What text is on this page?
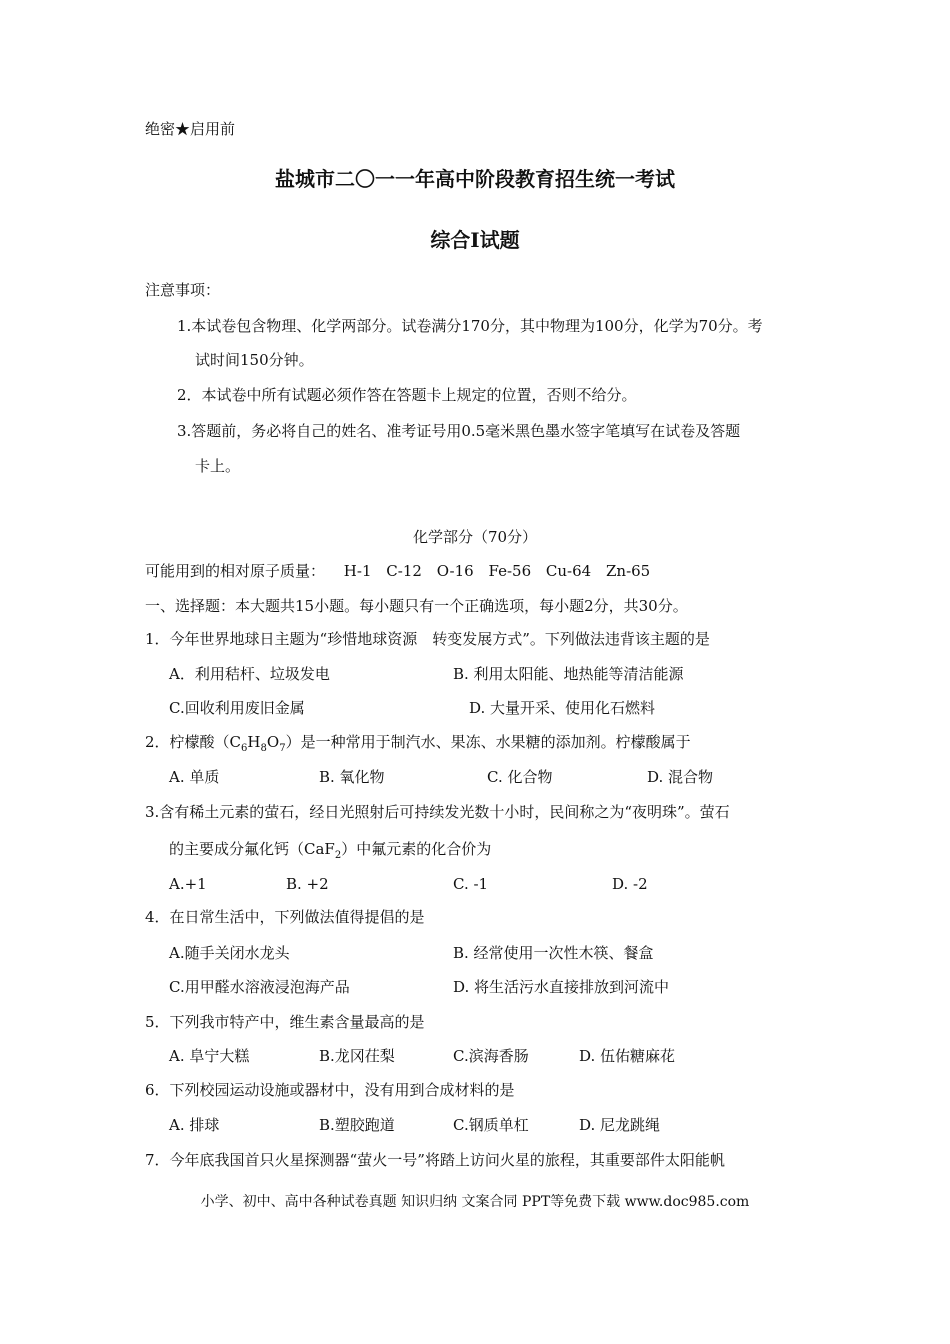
绝密★启用前
盐城市二〇一一年高中阶段教育招生统一考试
综合Ⅰ试题
注意事项：
1.本试卷包含物理、化学两部分。试卷满分170分，其中物理为100分，化学为70分。考
试时间150分钟。
2．本试卷中所有试题必须作答在答题卡上规定的位置，否则不给分。
3.答题前，务必将自己的姓名、准考证号用0.5毫米黑色墨水签字笔填写在试卷及答题
卡上。
化学部分（70分）
可能用到的相对原子质量： H-1 C-12 O-16 Fe-56 Cu-64 Zn-65
一、选择题：本大题共15小题。每小题只有一个正确选项，每小题2分，共30分。
1．今年世界地球日主题为“珍惜地球资源　转变发展方式”。下列做法违背该主题的是
A．利用秸杆、垃圾发电	B. 利用太阳能、地热能等清洁能源
C.回收利用废旧金属	D. 大量开采、使用化石燃料
2．柠檬酸$(C_6H_8O_7)$是一种常用于制汽水、果冻、水果糖的添加剂。柠檬酸属于
A. 单质	B. 氧化物	C. 化合物	D. 混合物
3.含有稀土元素的萤石，经日光照射后可持续发光数十小时，民间称之为“夜明珠”。萤石
的主要成分氟化钙（CaF$_2$）中氟元素的化合价为
A.+1	B. +2	C. -1	D. -2
4．在日常生活中，下列做法值得提倡的是
A.随手关闭水龙头	B. 经常使用一次性木筷、餐盒
C.用甲醛水溶液浸泡海产品	D. 将生活污水直接排放到河流中
5．下列我市特产中，维生素含量最高的是
A. 阜宁大糕	B.龙冈茌梨	C.滨海香肠	D. 伍佑糖麻花
6．下列校园运动设施或器材中，没有用到合成材料的是
A. 排球	B.塑胶跑道	C.钢质单杠	D. 尼龙跳绳
7．今年底我国首只火星探测器“萤火一号”将踏上访问火星的旅程，其重要部件太阳能帆
小学、初中、高中各种试卷真题 知识归纳 文案合同 PPT等免费下载 www.doc985.com
